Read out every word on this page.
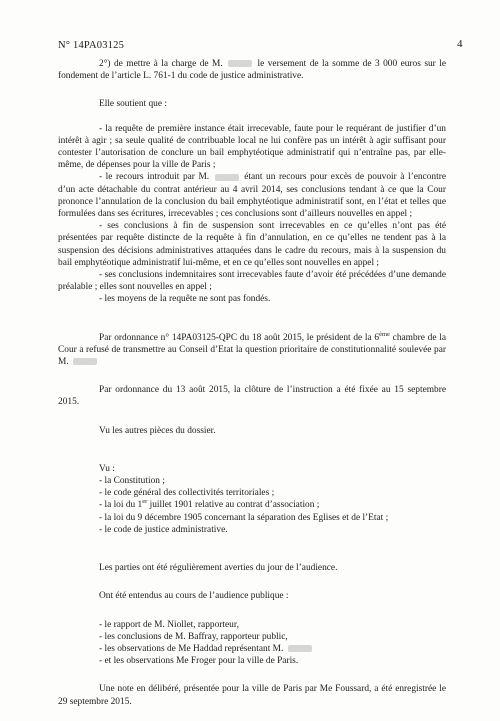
N° 14PA03125	4

2°) de mettre à la charge de M.	le versement de la somme de 3 000 euros sur le fondement de l’article L. 761-1 du code de justice administrative.

Elle soutient que :

- la requête de première instance était irrecevable, faute pour le requérant de justifier d’un intérêt à agir ; sa seule qualité de contribuable local ne lui confère pas un intérêt à agir suffisant pour contester l’autorisation de conclure un bail emphytéotique administratif qui n’entraîne pas, par elle-même, de dépenses pour la ville de Paris ;

- le recours introduit par M.	étant un recours pour excès de pouvoir à l’encontre d’un acte détachable du contrat antérieur au 4 avril 2014, ses conclusions tendant à ce que la Cour prononce l’annulation de la conclusion du bail emphytéotique administratif sont, en l’état et telles que formulées dans ses écritures, irrecevables ; ces conclusions sont d’ailleurs nouvelles en appel ;

- ses conclusions à fin de suspension sont irrecevables en ce qu’elles n’ont pas été présentées par requête distincte de la requête à fin d’annulation, en ce qu’elles ne tendent pas à la suspension des décisions administratives attaquées dans le cadre du recours, mais à la suspension du bail emphytéotique administratif lui-même, et en ce qu’elles sont nouvelles en appel ;

- ses conclusions indemnitaires sont irrecevables faute d’avoir été précédées d’une demande préalable ; elles sont nouvelles en appel ;

- les moyens de la requête ne sont pas fondés.

Par ordonnance n° 14PA03125-QPC du 18 août 2015, le président de la 6ème chambre de la Cour a refusé de transmettre au Conseil d’Etat la question prioritaire de constitutionnalité soulevée par M.

Par ordonnance du 13 août 2015, la clôture de l’instruction a été fixée au 15 septembre 2015.

Vu les autres pièces du dossier.

Vu :

- la Constitution ;
- le code général des collectivités territoriales ;
- la loi du 1er juillet 1901 relative au contrat d’association ;
- la loi du 9 décembre 1905 concernant la séparation des Eglises et de l’Etat ;
- le code de justice administrative.

Les parties ont été régulièrement averties du jour de l’audience.

Ont été entendus au cours de l’audience publique :

- le rapport de M. Niollet, rapporteur,
- les conclusions de M. Baffray, rapporteur public,
- les observations de Me Haddad représentant M.
- et les observations Me Froger pour la ville de Paris.

Une note en délibéré, présentée pour la ville de Paris par Me Foussard, a été enregistrée le 29 septembre 2015.
